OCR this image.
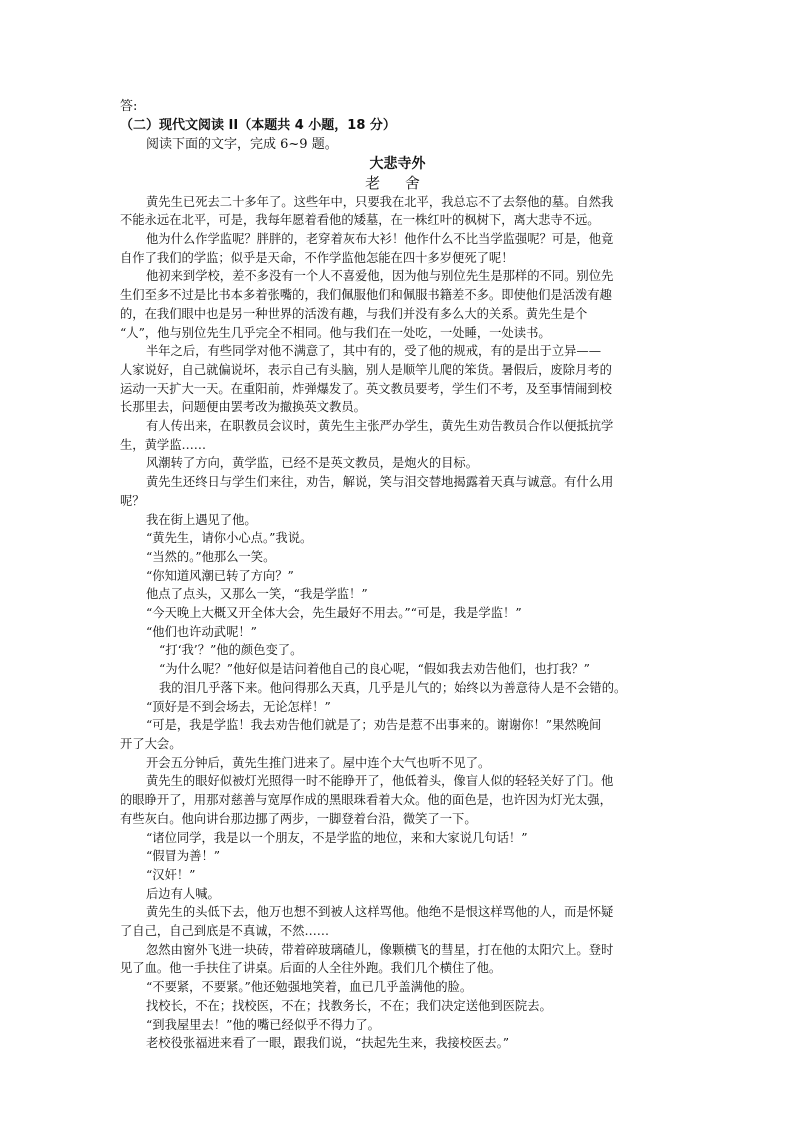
答:
（二）现代文阅读 II（本题共 4 小题，18 分）
阅读下面的文字，完成 6~9 题。
大悲寺外
老 舍
黄先生已死去二十多年了。这些年中，只要我在北平，我总忘不了去祭他的墓。自然我
不能永远在北平，可是，我每年愿着看他的矮墓，在一株红叶的枫树下，离大悲寺不远。
他为什么作学监呢？胖胖的，老穿着灰布大衫！他作什么不比当学监强呢？可是，他竟
自作了我们的学监；似乎是天命，不作学监他怎能在四十多岁便死了呢！
他初来到学校，差不多没有一个人不喜爱他，因为他与别位先生是那样的不同。别位先
生们至多不过是比书本多着张嘴的，我们佩服他们和佩服书籍差不多。即使他们是活泼有趣
的，在我们眼中也是另一种世界的活泼有趣，与我们并没有多么大的关系。黄先生是个
“人”，他与别位先生几乎完全不相同。他与我们在一处吃，一处睡，一处读书。
半年之后，有些同学对他不满意了，其中有的，受了他的规戒，有的是出于立异——
人家说好，自己就偏说坏，表示自己有头脑，别人是顺竿儿爬的笨货。暑假后，废除月考的
运动一天扩大一天。在重阳前，炸弹爆发了。英文教员要考，学生们不考，及至事情闹到校
长那里去，问题便由罢考改为撤换英文教员。
有人传出来，在职教员会议时，黄先生主张严办学生，黄先生劝告教员合作以便抵抗学
生，黄学监……
风潮转了方向，黄学监，已经不是英文教员，是炮火的目标。
黄先生还终日与学生们来往，劝告，解说，笑与泪交替地揭露着天真与诚意。有什么用
呢？
我在街上遇见了他。
“黄先生，请你小心点。”我说。
“当然的。”他那么一笑。
“你知道风潮已转了方向？”
他点了点头，又那么一笑，“我是学监！”
“今天晚上大概又开全体大会，先生最好不用去。”“可是，我是学监！”
“他们也许动武呢！”
“打‘我’？”他的颜色变了。
“为什么呢？”他好似是诘问着他自己的良心呢，“假如我去劝告他们，也打我？”
我的泪几乎落下来。他问得那么天真，几乎是儿气的；始终以为善意待人是不会错的。
“顶好是不到会场去，无论怎样！”
“可是，我是学监！我去劝告他们就是了；劝告是惹不出事来的。谢谢你！”果然晚间
开了大会。
开会五分钟后，黄先生推门进来了。屋中连个大气也听不见了。
黄先生的眼好似被灯光照得一时不能睁开了，他低着头，像盲人似的轻轻关好了门。他
的眼睁开了，用那对慈善与宽厚作成的黑眼珠看着大众。他的面色是，也许因为灯光太强，
有些灰白。他向讲台那边挪了两步，一脚登着台沿，微笑了一下。
“诸位同学，我是以一个朋友，不是学监的地位，来和大家说几句话！”
“假冒为善！”
“汉奸！”
后边有人喊。
黄先生的头低下去，他万也想不到被人这样骂他。他绝不是恨这样骂他的人，而是怀疑
了自己，自己到底是不真诚，不然……
忽然由窗外飞进一块砖，带着碎玻璃碴儿，像颗横飞的彗星，打在他的太阳穴上。登时
见了血。他一手扶住了讲桌。后面的人全往外跑。我们几个横住了他。
“不要紧，不要紧。”他还勉强地笑着，血已几乎盖满他的脸。
找校长，不在；找校医，不在；找教务长，不在；我们决定送他到医院去。
“到我屋里去！”他的嘴已经似乎不得力了。
老校役张福进来看了一眼，跟我们说，“扶起先生来，我接校医去。”
